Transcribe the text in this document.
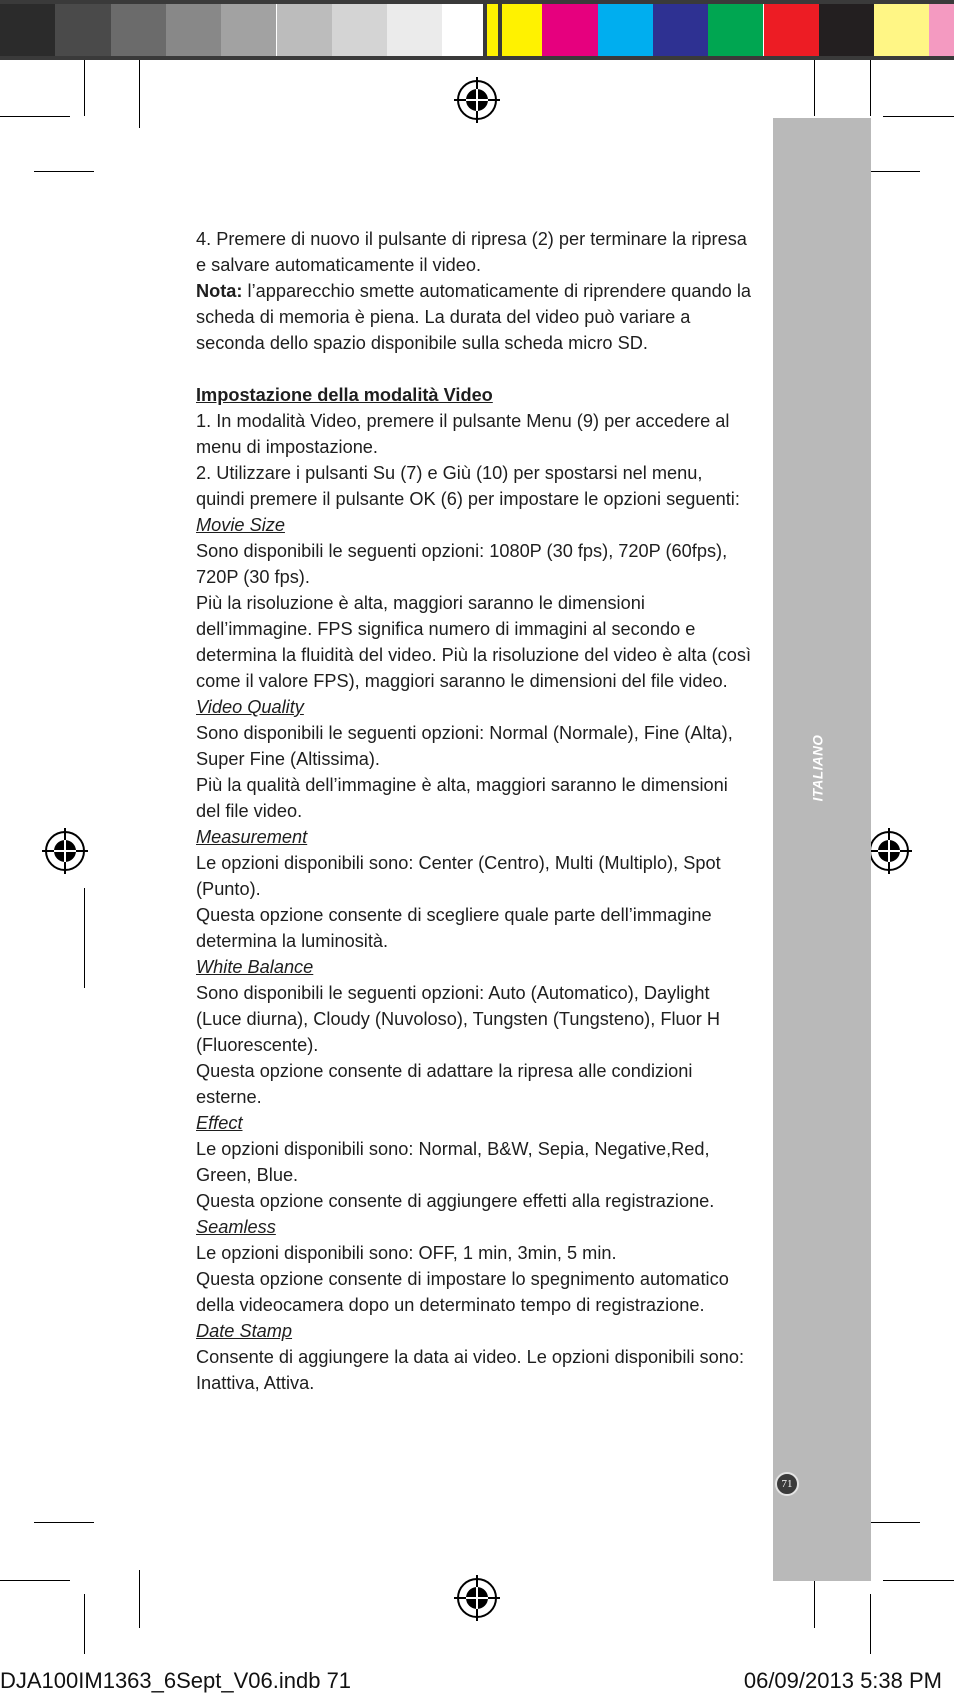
ITALIANO
71

4. Premere di nuovo il pulsante di ripresa (2) per terminare la ripresa e salvare automaticamente il video.

Nota: l’apparecchio smette automaticamente di riprendere quando la scheda di memoria è piena. La durata del video può variare a seconda dello spazio disponibile sulla scheda micro SD.

Impostazione della modalità Video

1. In modalità Video, premere il pulsante Menu (9) per accedere al menu di impostazione.

2. Utilizzare i pulsanti Su (7) e Giù (10) per spostarsi nel menu, quindi premere il pulsante OK (6) per impostare le opzioni seguenti:

Movie Size

Sono disponibili le seguenti opzioni: 1080P (30 fps), 720P (60fps), 720P (30 fps).

Più la risoluzione è alta, maggiori saranno le dimensioni dell’immagine. FPS significa numero di immagini al secondo e determina la fluidità del video. Più la risoluzione del video è alta (così come il valore FPS), maggiori saranno le dimensioni del file video.

Video Quality

Sono disponibili le seguenti opzioni: Normal (Normale), Fine (Alta), Super Fine (Altissima).

Più la qualità dell’immagine è alta, maggiori saranno le dimensioni del file video.

Measurement

Le opzioni disponibili sono: Center (Centro), Multi (Multiplo), Spot (Punto).

Questa opzione consente di scegliere quale parte dell’immagine determina la luminosità.

White Balance

Sono disponibili le seguenti opzioni: Auto (Automatico), Daylight (Luce diurna), Cloudy (Nuvoloso), Tungsten (Tungsteno), Fluor H (Fluorescente).

Questa opzione consente di adattare la ripresa alle condizioni esterne.

Effect

Le opzioni disponibili sono: Normal, B&W, Sepia, Negative,Red, Green, Blue.

Questa opzione consente di aggiungere effetti alla registrazione.

Seamless

Le opzioni disponibili sono: OFF, 1 min, 3min, 5 min.

Questa opzione consente di impostare lo spegnimento automatico della videocamera dopo un determinato tempo di registrazione.

Date Stamp

Consente di aggiungere la data ai video. Le opzioni disponibili sono: Inattiva, Attiva.

DJA100IM1363_6Sept_V06.indb 71	06/09/2013 5:38 PM
